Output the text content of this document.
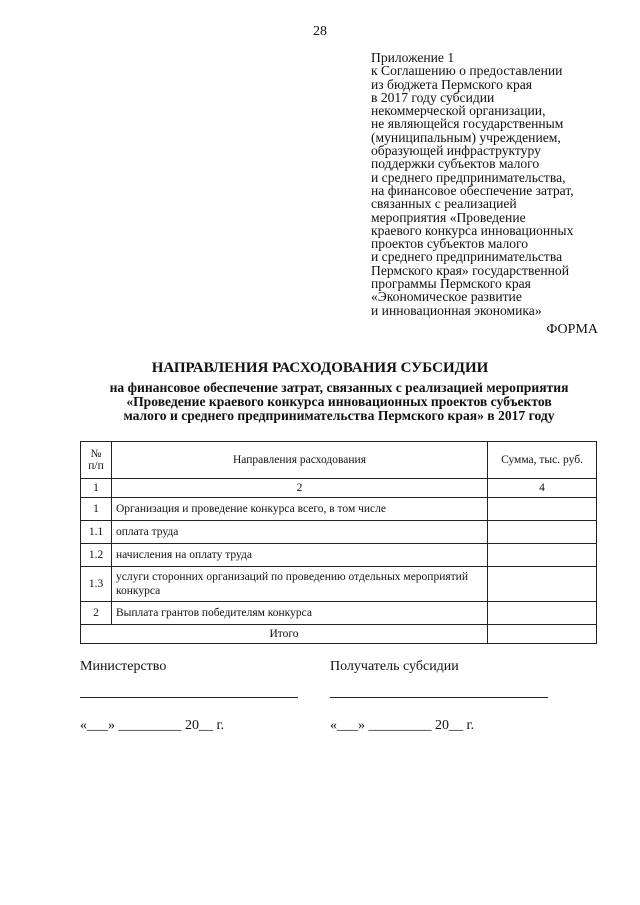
28
Приложение 1
к Соглашению о предоставлении
из бюджета Пермского края
в 2017 году субсидии
некоммерческой организации,
не являющейся государственным
(муниципальным) учреждением,
образующей инфраструктуру
поддержки субъектов малого
и среднего предпринимательства,
на финансовое обеспечение затрат,
связанных с реализацией
мероприятия «Проведение
краевого конкурса инновационных
проектов субъектов малого
и среднего предпринимательства
Пермского края» государственной
программы Пермского края
«Экономическое развитие
и инновационная экономика»
ФОРМА
НАПРАВЛЕНИЯ РАСХОДОВАНИЯ СУБСИДИИ
на финансовое обеспечение затрат, связанных с реализацией мероприятия
«Проведение краевого конкурса инновационных проектов субъектов
малого и среднего предпринимательства Пермского края» в 2017 году
№ п/п	Направления расходования	Сумма, тыс. руб.
1	2	4
1	Организация и проведение конкурса всего, в том числе	
1.1	оплата труда	
1.2	начисления на оплату труда	
1.3	услуги сторонних организаций по проведению отдельных мероприятий конкурса	
2	Выплата грантов победителям конкурса	
Итого		
Министерство	Получатель субсидии
«___» _________ 20__ г.	«___» _________ 20__ г.
